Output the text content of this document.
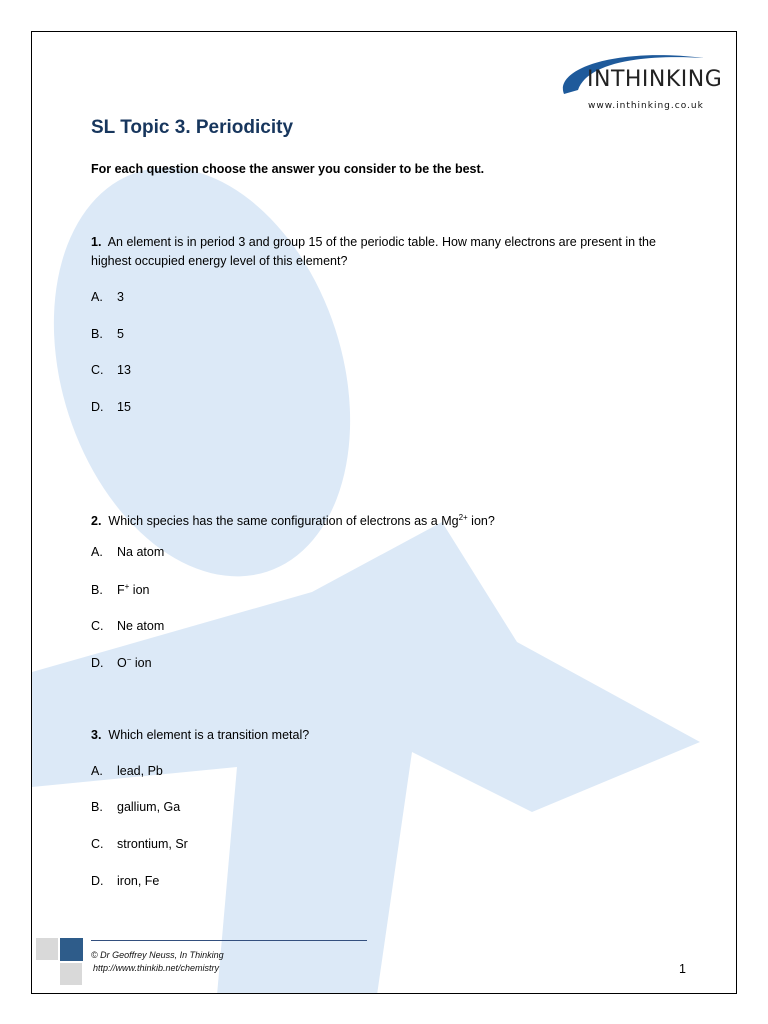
INTHINKING
www.inthinking.co.uk
SL Topic 3. Periodicity

For each question choose the answer you consider to be the best.

1. An element is in period 3 and group 15 of the periodic table. How many electrons are present in the highest occupied energy level of this element?

A. 3

B. 5

C. 13

D. 15

2. Which species has the same configuration of electrons as a $Mg^{2+}$ ion?

A. Na atom

B. F+ ion

C. Ne atom

D. O− ion

3. Which element is a transition metal?

A. lead, Pb

B. gallium, Ga

C. strontium, Sr

D. iron, Fe

© Dr Geoffrey Neuss, In Thinking
http://www.thinkib.net/chemistry	1
